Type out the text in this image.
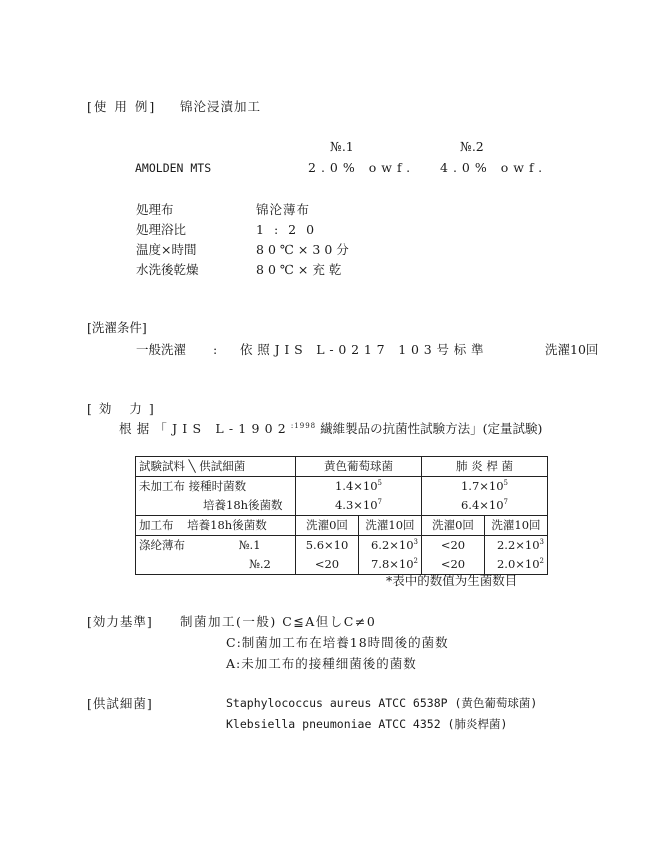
[使 用 例] 锦沦浸漬加工
№.1	№.2
AMOLDEN MTS	2.0% owf. 4.0% owf.
処理布	锦沦薄布
処理浴比	1:20
温度×時間	80℃×30分
水洗後乾燥	80℃×充乾
[洗濯条件]
一般洗濯 : 依照JIS L-0217 103号标準	洗濯10回
[効 力]
根据「JIS $L-1902^{:1998}$ 繊維製品の抗菌性試験方法」(定量試験)
試験試料 ╲ 供試細菌	黄色葡萄球菌		肺 炎 桿 菌	
未加工布 接種时菌数	$1.4\times 10^5$		$1.7\times 10^5$
培養18h後菌数	$4.3\times 10^7$		$6.4\times 10^7$
加工布 培養18h後菌数	洗濯0回	洗濯10回	洗濯0回	洗濯10回
涤纶薄布 №.1	5.6×10	$6.2\times 10^3$	<20	$2.2\times 10^3$
№.2	<20	$7.8\times 10^2$	<20	$2.0\times 10^2$
*表中的数值为生菌数目
[効力基準] 制菌加工(一般) C≦A但しC≠0
C:制菌加工布在培養18時間後的菌数
A:未加工布的接種细菌後的菌数
[供試細菌]	Staphylococcus aureus ATCC 6538P (黄色葡萄球菌)
Klebsiella pneumoniae ATCC 4352 (肺炎桿菌)
